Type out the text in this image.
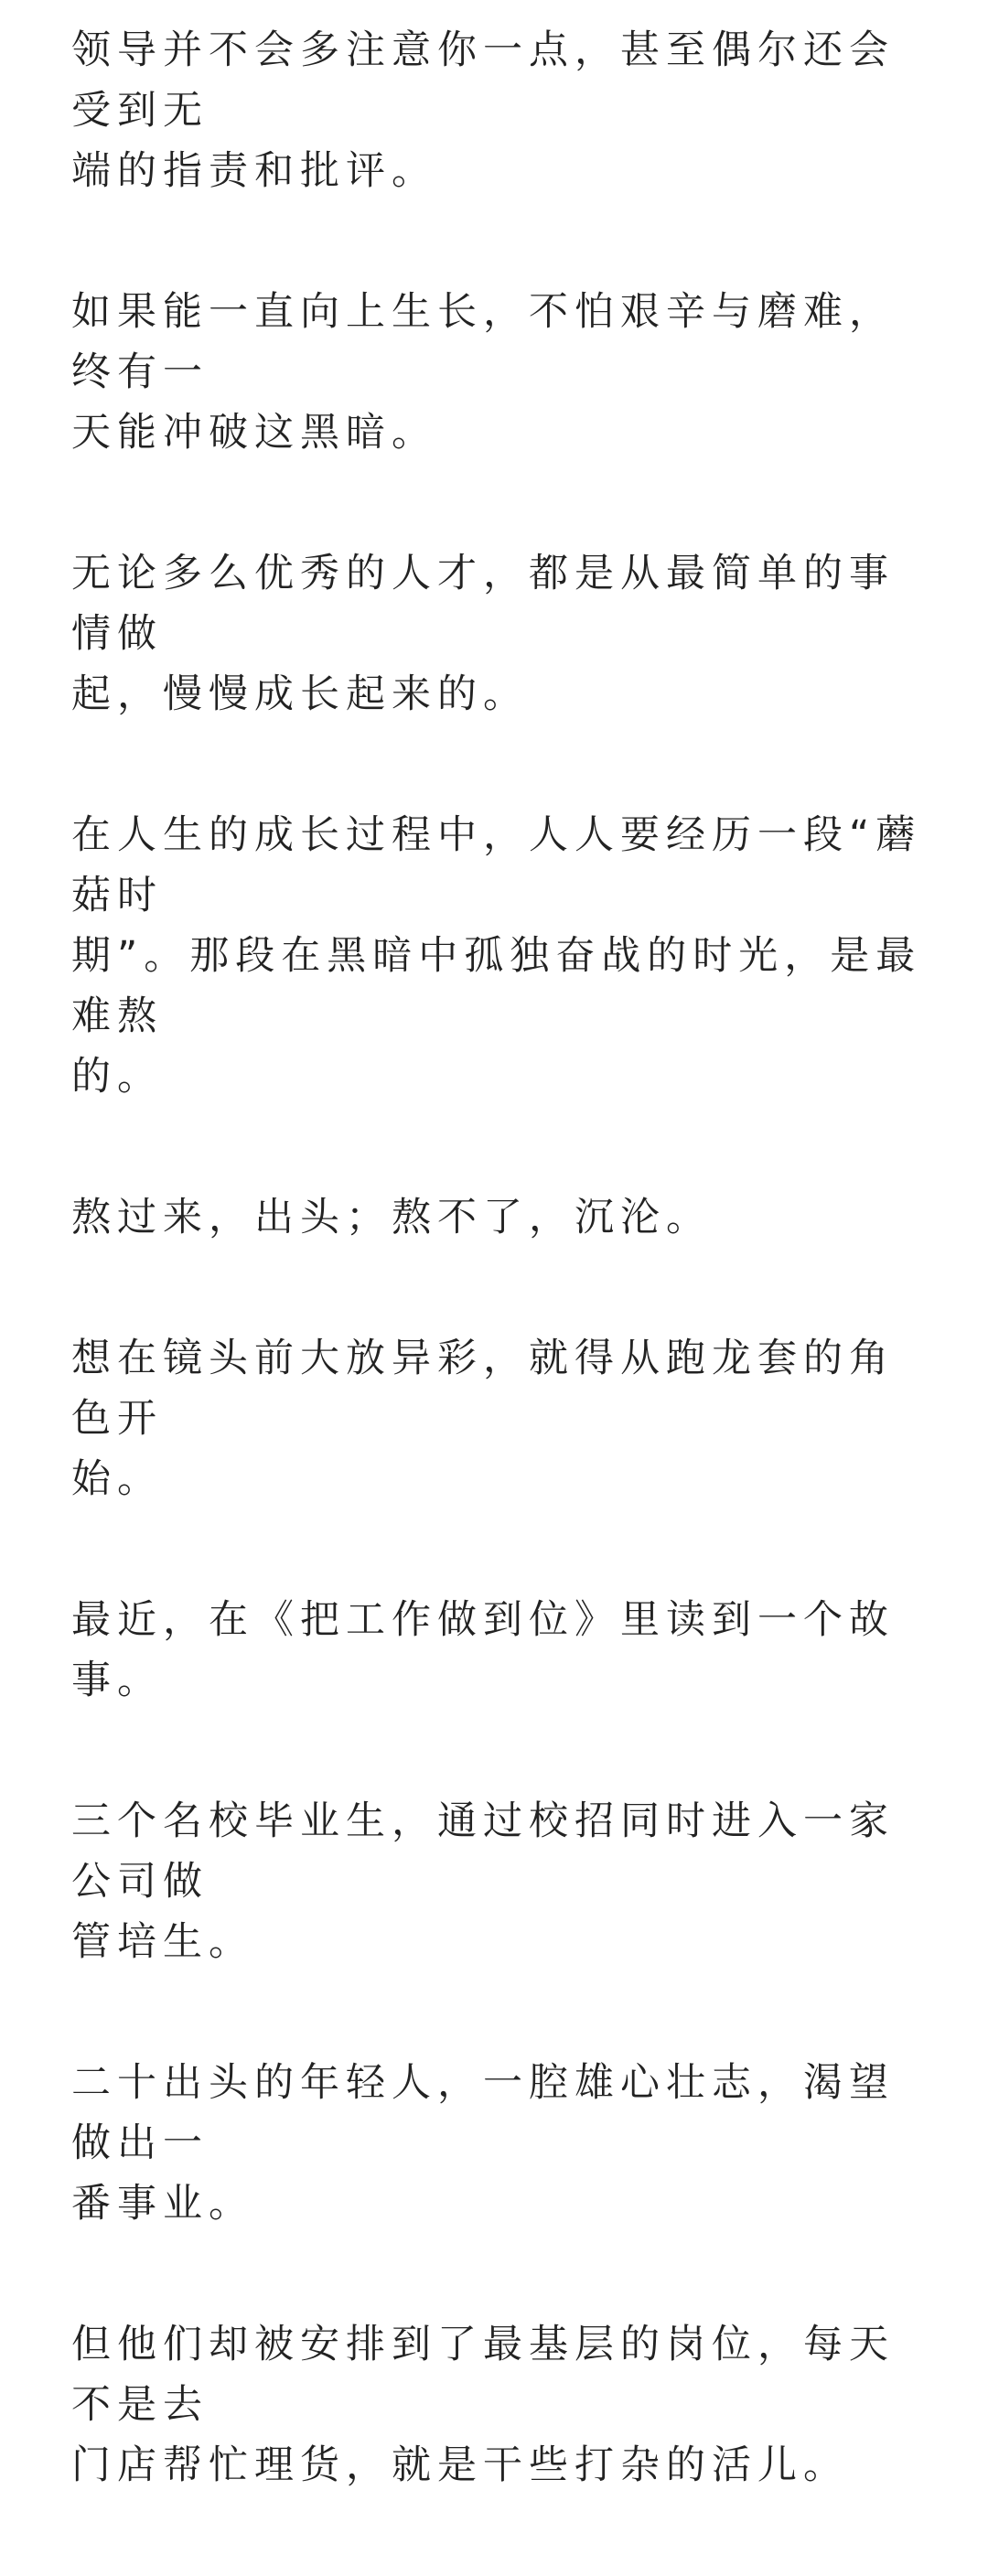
领导并不会多注意你一点，甚至偶尔还会受到无
端的指责和批评。

如果能一直向上生长，不怕艰辛与磨难，终有一
天能冲破这黑暗。

无论多么优秀的人才，都是从最简单的事情做
起，慢慢成长起来的。

在人生的成长过程中，人人要经历一段“蘑菇时
期”。那段在黑暗中孤独奋战的时光，是最难熬
的。

熬过来，出头；熬不了，沉沦。

想在镜头前大放异彩，就得从跑龙套的角色开
始。

最近，在《把工作做到位》里读到一个故事。

三个名校毕业生，通过校招同时进入一家公司做
管培生。

二十出头的年轻人，一腔雄心壮志，渴望做出一
番事业。

但他们却被安排到了最基层的岗位，每天不是去
门店帮忙理货，就是干些打杂的活儿。
